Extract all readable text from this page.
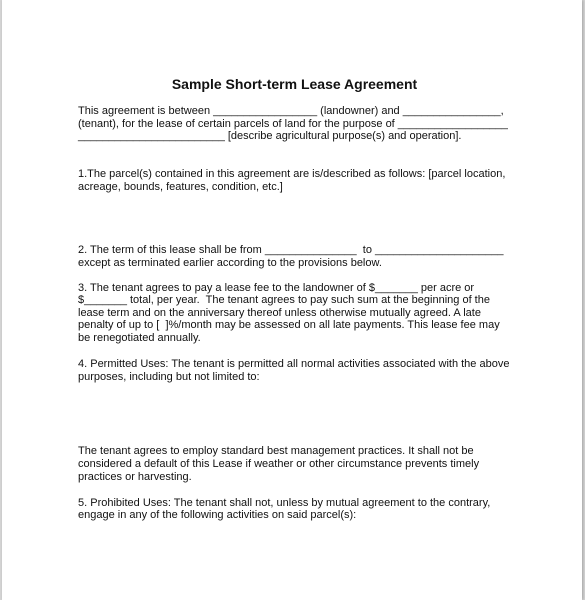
Sample Short-term Lease Agreement
This agreement is between _________________ (landowner) and ________________,
(tenant), for the lease of certain parcels of land for the purpose of __________________
________________________ [describe agricultural purpose(s) and operation].
1.The parcel(s) contained in this agreement are is/described as follows: [parcel location,
acreage, bounds, features, condition, etc.]
2. The term of this lease shall be from _______________  to _____________________
except as terminated earlier according to the provisions below.
3. The tenant agrees to pay a lease fee to the landowner of $_______ per acre or
$_______ total, per year.  The tenant agrees to pay such sum at the beginning of the
lease term and on the anniversary thereof unless otherwise mutually agreed. A late
penalty of up to [  ]%/month may be assessed on all late payments. This lease fee may
be renegotiated annually.
4. Permitted Uses: The tenant is permitted all normal activities associated with the above
purposes, including but not limited to:
The tenant agrees to employ standard best management practices. It shall not be
considered a default of this Lease if weather or other circumstance prevents timely
practices or harvesting.
5. Prohibited Uses: The tenant shall not, unless by mutual agreement to the contrary,
engage in any of the following activities on said parcel(s):
